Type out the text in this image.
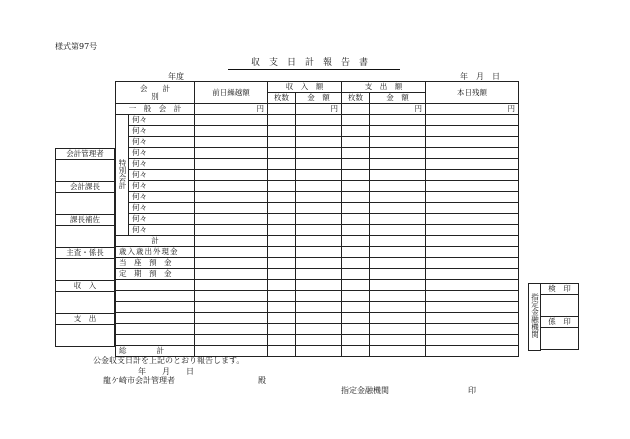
様式第97号
収支日計報告書
年度	年　月　日
会計管理者

会計課長

課長補佐

主査・係長

収　入

支　出

会　　計
別		前日繰越額	収　入　額		支　出　額		本日残額
			枚数	金　額	枚数	金　額	
一　般　会　計		円		円		円	円
特別会計	何々						
	何々						
	何々						
	何々						
	何々						
	何々						
	何々						
	何々						
	何々						
	何々						
	何々						
計							
歳入歳出外現金							
当　座　預　金							
定　期　預　金							

総　　　　計							
指定金融機関	検　印

係　印

公金収支日計を上記のとおり報告します。
年　　月　　日
龍ケ崎市会計管理者	殿
指定金融機関	印
